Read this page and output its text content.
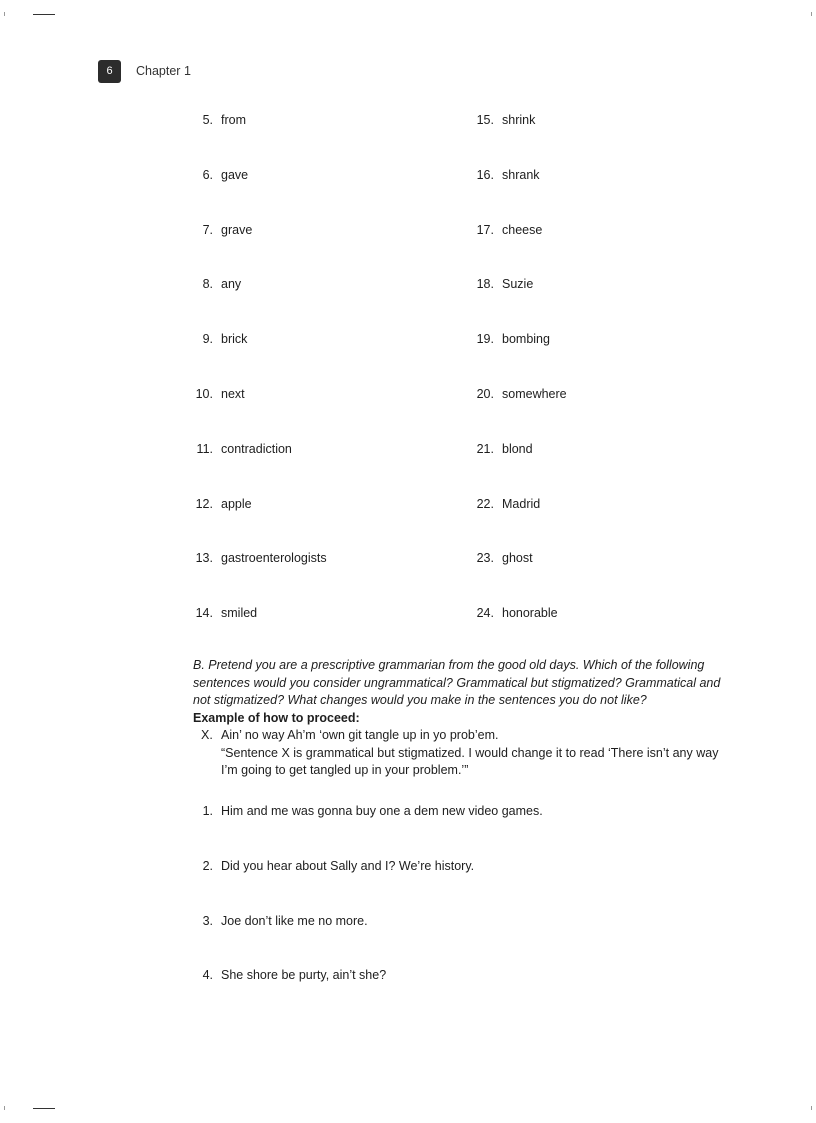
6	Chapter 1
5. from
6. gave
7. grave
8. any
9. brick
10. next
11. contradiction
12. apple
13. gastroenterologists
14. smiled
15. shrink
16. shrank
17. cheese
18. Suzie
19. bombing
20. somewhere
21. blond
22. Madrid
23. ghost
24. honorable

B. Pretend you are a prescriptive grammarian from the good old days. Which of the following sentences would you consider ungrammatical? Grammatical but stigmatized? Grammatical and not stigmatized? What changes would you make in the sentences you do not like?

Example of how to proceed:

X. Ain’ no way Ah’m ‘own git tangle up in yo prob’em.
“Sentence X is grammatical but stigmatized. I would change it to read ‘There isn’t any way I’m going to get tangled up in your problem.’”
1. Him and me was gonna buy one a dem new video games.
2. Did you hear about Sally and I? We’re history.
3. Joe don’t like me no more.
4. She shore be purty, ain’t she?
